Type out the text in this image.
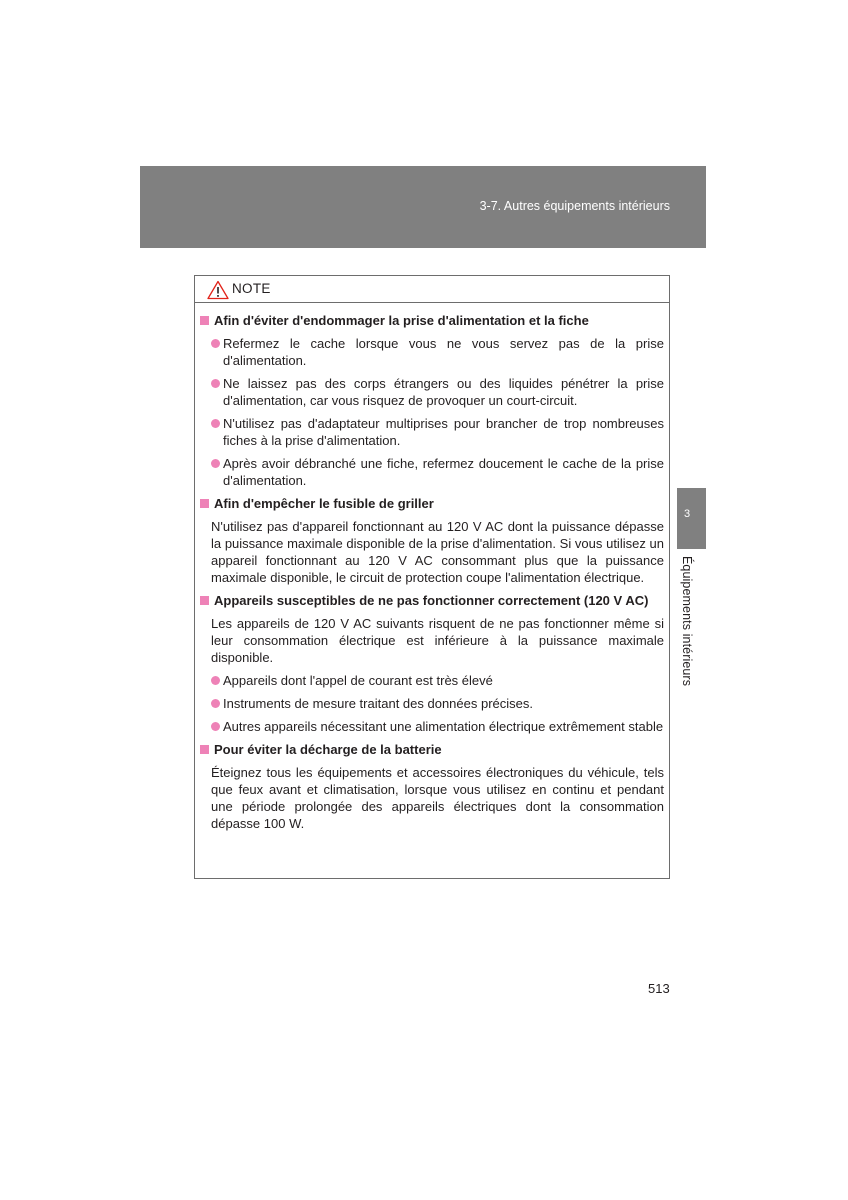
3-7. Autres équipements intérieurs
3
Équipements intérieurs
NOTE
Afin d'éviter d'endommager la prise d'alimentation et la fiche
Refermez le cache lorsque vous ne vous servez pas de la prise d'alimentation.
Ne laissez pas des corps étrangers ou des liquides pénétrer la prise d'alimentation, car vous risquez de provoquer un court-circuit.
N'utilisez pas d'adaptateur multiprises pour brancher de trop nombreuses fiches à la prise d'alimentation.
Après avoir débranché une fiche, refermez doucement le cache de la prise d'alimentation.
Afin d'empêcher le fusible de griller
N'utilisez pas d'appareil fonctionnant au 120 V AC dont la puissance dépasse la puissance maximale disponible de la prise d'alimentation. Si vous utilisez un appareil fonctionnant au 120 V AC consommant plus que la puissance maximale disponible, le circuit de protection coupe l'alimentation électrique.
Appareils susceptibles de ne pas fonctionner correctement (120 V AC)
Les appareils de 120 V AC suivants risquent de ne pas fonctionner même si leur consommation électrique est inférieure à la puissance maximale disponible.
Appareils dont l'appel de courant est très élevé
Instruments de mesure traitant des données précises.
Autres appareils nécessitant une alimentation électrique extrêmement stable
Pour éviter la décharge de la batterie
Éteignez tous les équipements et accessoires électroniques du véhicule, tels que feux avant et climatisation, lorsque vous utilisez en continu et pendant une période prolongée des appareils électriques dont la consommation dépasse 100 W.
513
